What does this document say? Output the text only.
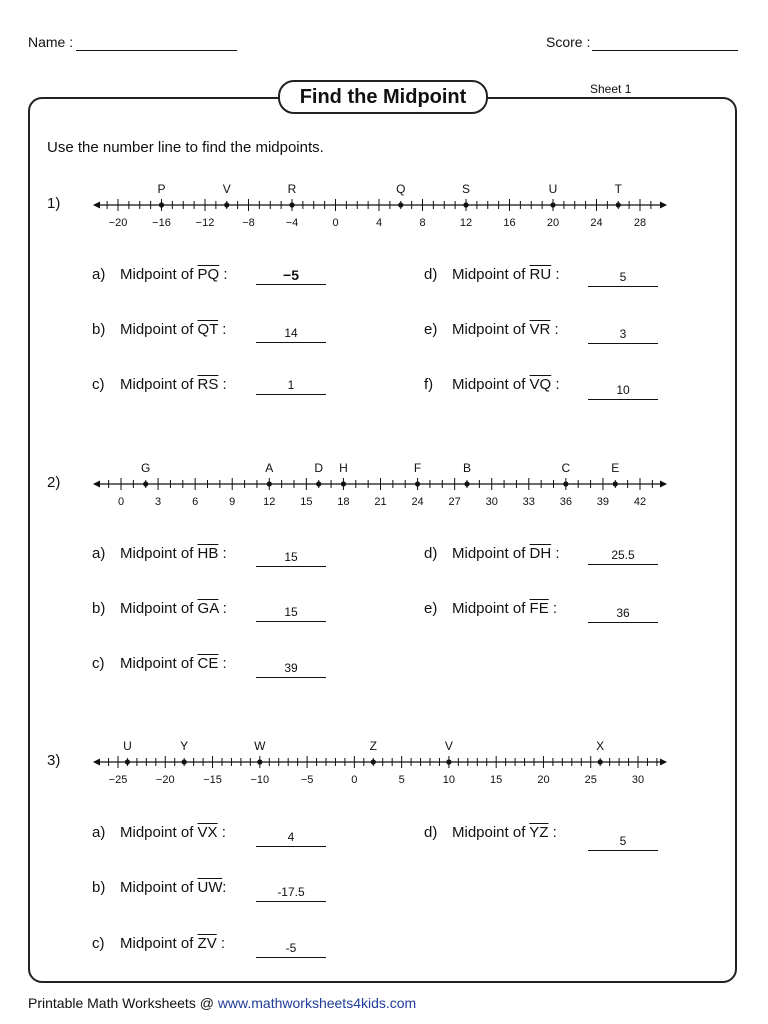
Name :	Score :
Find the Midpoint	Sheet 1
Use the number line to find the midpoints.
1)
−20 −16 −12	−8	−4	0	4	8	12	16	20	24	28
P	V	R	Q	S	U	T
a) Midpoint of $\overline{PQ}$ :	−5
b) Midpoint of $\overline{QT}$ :	14
c) Midpoint of $\overline{RS}$ :	1
d) Midpoint of $\overline{RU}$ :	5
e) Midpoint of $\overline{VR}$ :	3
f) Midpoint of $\overline{VQ}$ :	10
2)
0	3	6	9	12 15 18 21 24 27 30 33 36 39 42
G	A	D H	F	B	C	E
a) Midpoint of $\overline{HB}$ :	15
b) Midpoint of $\overline{GA}$ :	15
c) Midpoint of $\overline{CE}$ :	39
d) Midpoint of $\overline{DH}$ :	25.5
e) Midpoint of $\overline{FE}$ :	36
3)
−25	−20	−15	−10	−5	0	5	10	15	20	25	30
U	Y	W	Z	V	X
a) Midpoint of $\overline{VX}$ :	4
b) Midpoint of $\overline{UW}$:	-17.5
c) Midpoint of $\overline{ZV}$ :	-5
d) Midpoint of $\overline{YZ}$ :	5
Printable Math Worksheets @ www.mathworksheets4kids.com
